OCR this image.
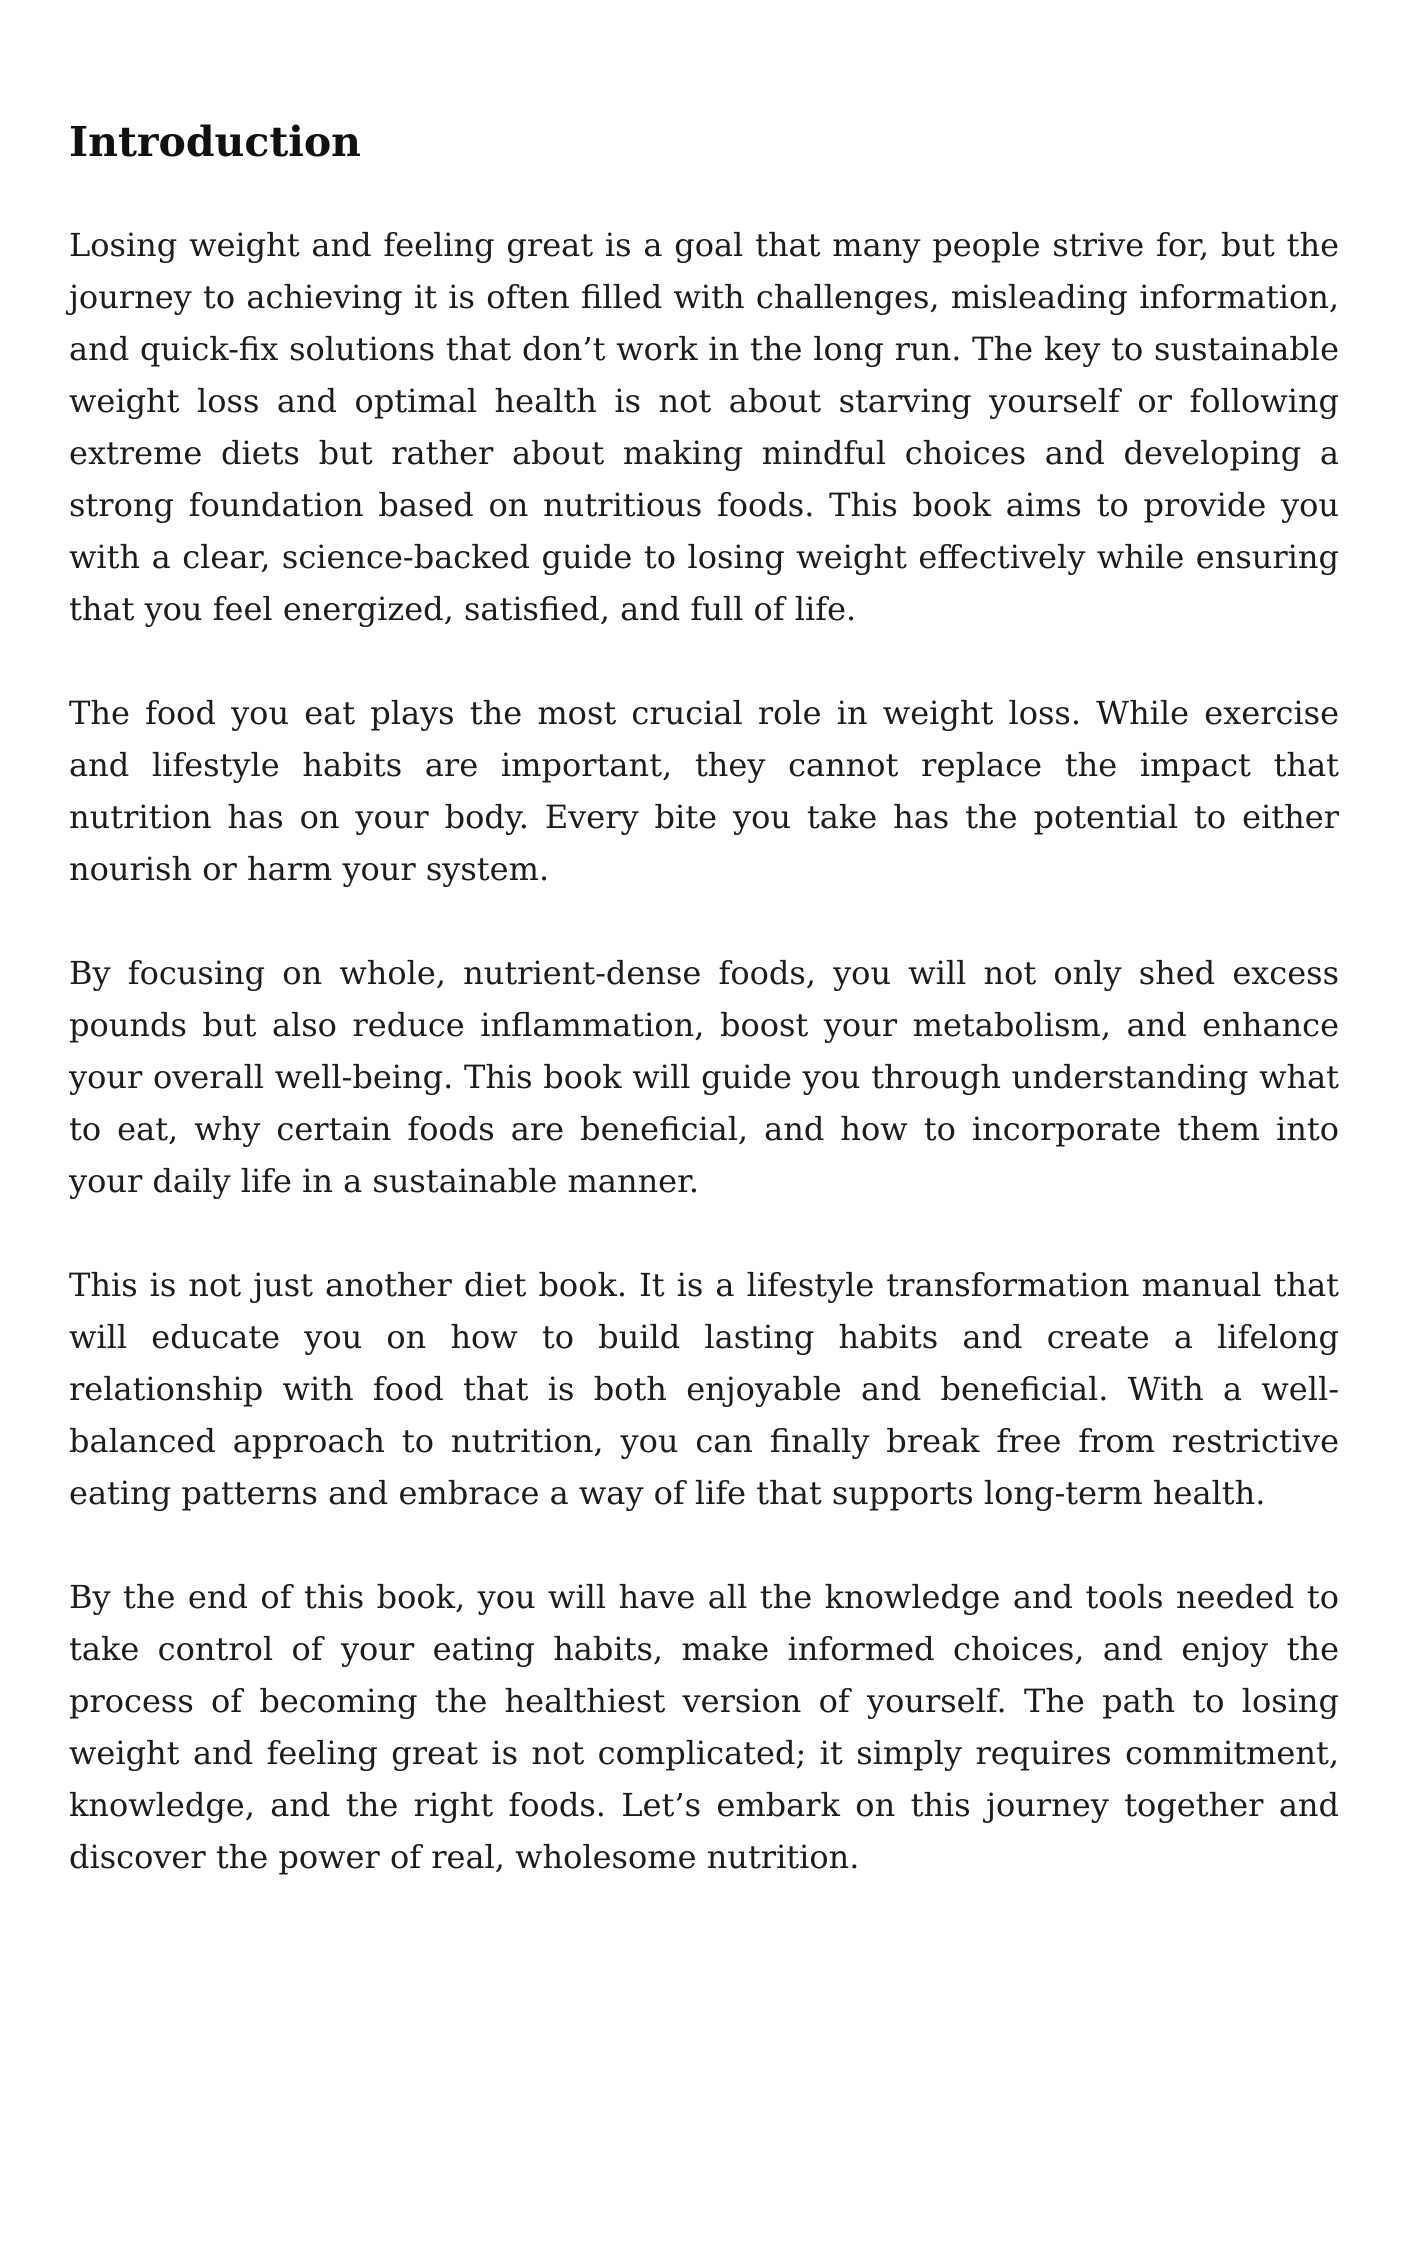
Introduction

Losing weight and feeling great is a goal that many people strive for, but the journey to achieving it is often filled with challenges, misleading information, and quick-fix solutions that don’t work in the long run. The key to sustainable weight loss and optimal health is not about starving yourself or following extreme diets but rather about making mindful choices and developing a strong foundation based on nutritious foods. This book aims to provide you with a clear, science-backed guide to losing weight effectively while ensuring that you feel energized, satisfied, and full of life.

The food you eat plays the most crucial role in weight loss. While exercise and lifestyle habits are important, they cannot replace the impact that nutrition has on your body. Every bite you take has the potential to either nourish or harm your system.

By focusing on whole, nutrient-dense foods, you will not only shed excess pounds but also reduce inflammation, boost your metabolism, and enhance your overall well-being. This book will guide you through understanding what to eat, why certain foods are beneficial, and how to incorporate them into your daily life in a sustainable manner.

This is not just another diet book. It is a lifestyle transformation manual that will educate you on how to build lasting habits and create a lifelong relationship with food that is both enjoyable and beneficial. With a well-balanced approach to nutrition, you can finally break free from restrictive eating patterns and embrace a way of life that supports long-term health.

By the end of this book, you will have all the knowledge and tools needed to take control of your eating habits, make informed choices, and enjoy the process of becoming the healthiest version of yourself. The path to losing weight and feeling great is not complicated; it simply requires commitment, knowledge, and the right foods. Let’s embark on this journey together and discover the power of real, wholesome nutrition.
